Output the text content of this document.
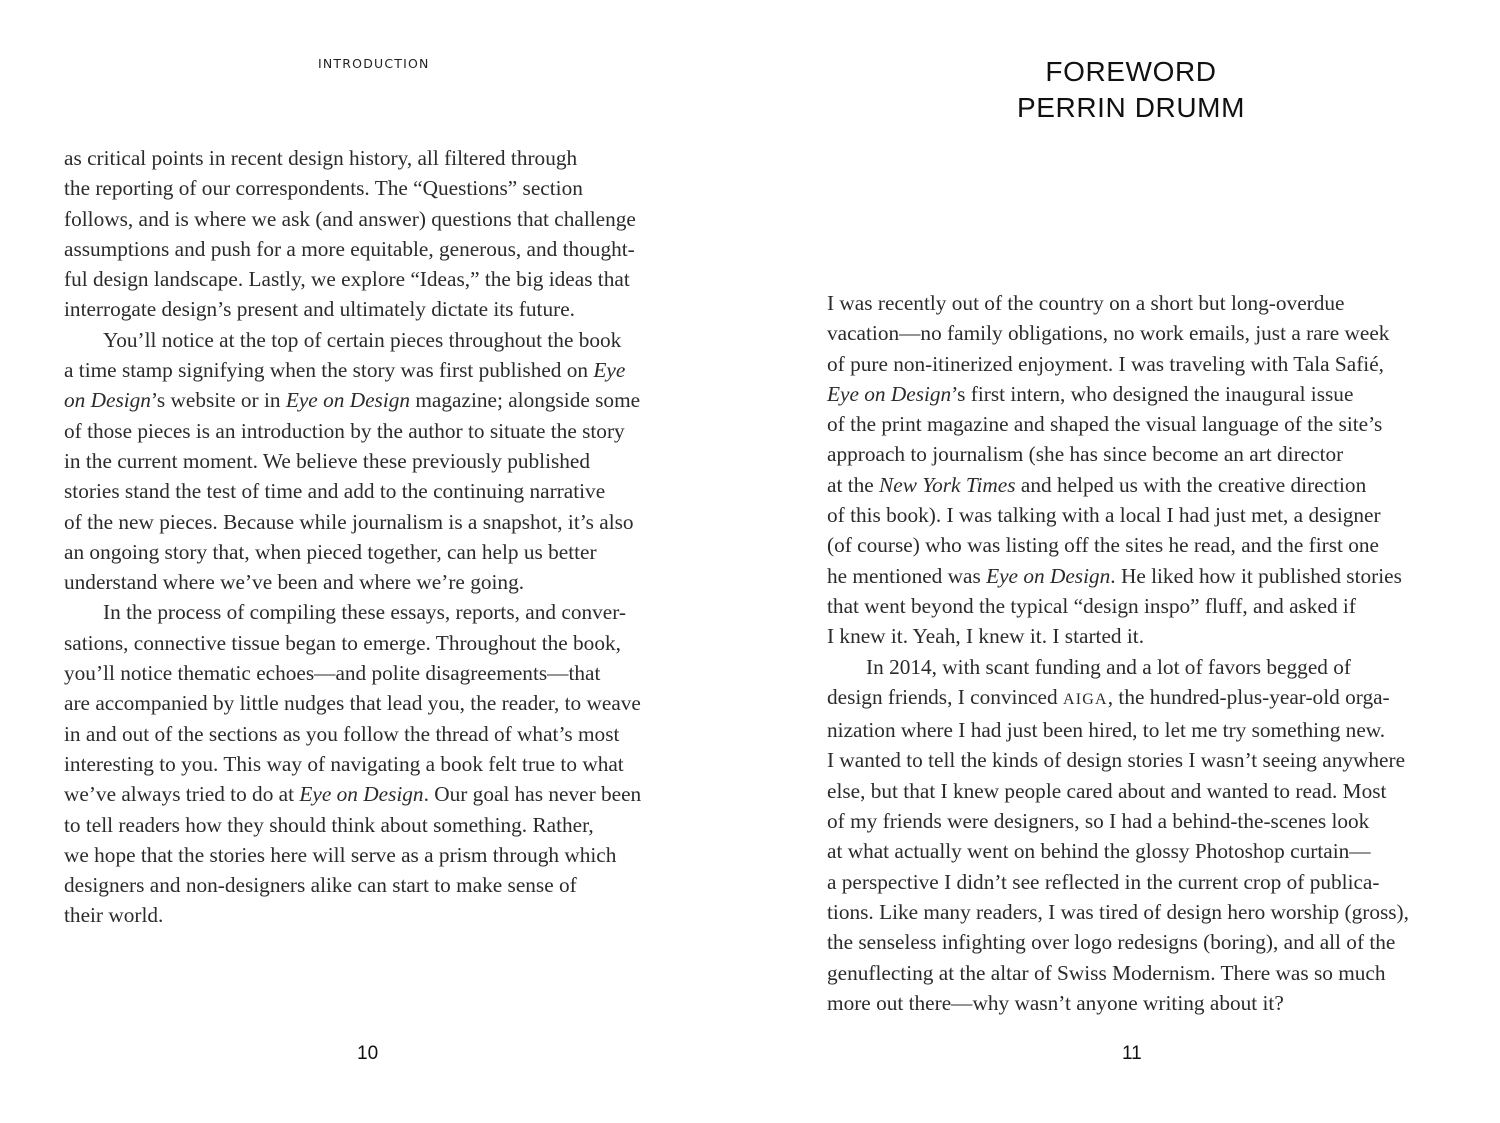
INTRODUCTION
as critical points in recent design history, all filtered through
the reporting of our correspondents. The “Questions” section
follows, and is where we ask (and answer) questions that challenge
assumptions and push for a more equitable, generous, and thought-
ful design landscape. Lastly, we explore “Ideas,” the big ideas that
interrogate design’s present and ultimately dictate its future.
You’ll notice at the top of certain pieces throughout the book
a time stamp signifying when the story was first published on Eye
on Design’s website or in Eye on Design magazine; alongside some
of those pieces is an introduction by the author to situate the story
in the current moment. We believe these previously published
stories stand the test of time and add to the continuing narrative
of the new pieces. Because while journalism is a snapshot, it’s also
an ongoing story that, when pieced together, can help us better
understand where we’ve been and where we’re going.
In the process of compiling these essays, reports, and conver-
sations, connective tissue began to emerge. Throughout the book,
you’ll notice thematic echoes—and polite disagreements—that
are accompanied by little nudges that lead you, the reader, to weave
in and out of the sections as you follow the thread of what’s most
interesting to you. This way of navigating a book felt true to what
we’ve always tried to do at Eye on Design. Our goal has never been
to tell readers how they should think about something. Rather,
we hope that the stories here will serve as a prism through which
designers and non-designers alike can start to make sense of
their world.
10
FOREWORD
PERRIN DRUMM
I was recently out of the country on a short but long-overdue
vacation—no family obligations, no work emails, just a rare week
of pure non-itinerized enjoyment. I was traveling with Tala Safié,
Eye on Design’s first intern, who designed the inaugural issue
of the print magazine and shaped the visual language of the site’s
approach to journalism (she has since become an art director
at the New York Times and helped us with the creative direction
of this book). I was talking with a local I had just met, a designer
(of course) who was listing off the sites he read, and the first one
he mentioned was Eye on Design. He liked how it published stories
that went beyond the typical “design inspo” fluff, and asked if
I knew it. Yeah, I knew it. I started it.
In 2014, with scant funding and a lot of favors begged of
design friends, I convinced AIGA, the hundred-plus-year-old orga-
nization where I had just been hired, to let me try something new.
I wanted to tell the kinds of design stories I wasn’t seeing anywhere
else, but that I knew people cared about and wanted to read. Most
of my friends were designers, so I had a behind-the-scenes look
at what actually went on behind the glossy Photoshop curtain—
a perspective I didn’t see reflected in the current crop of publica-
tions. Like many readers, I was tired of design hero worship (gross),
the senseless infighting over logo redesigns (boring), and all of the
genuflecting at the altar of Swiss Modernism. There was so much
more out there—why wasn’t anyone writing about it?
11
